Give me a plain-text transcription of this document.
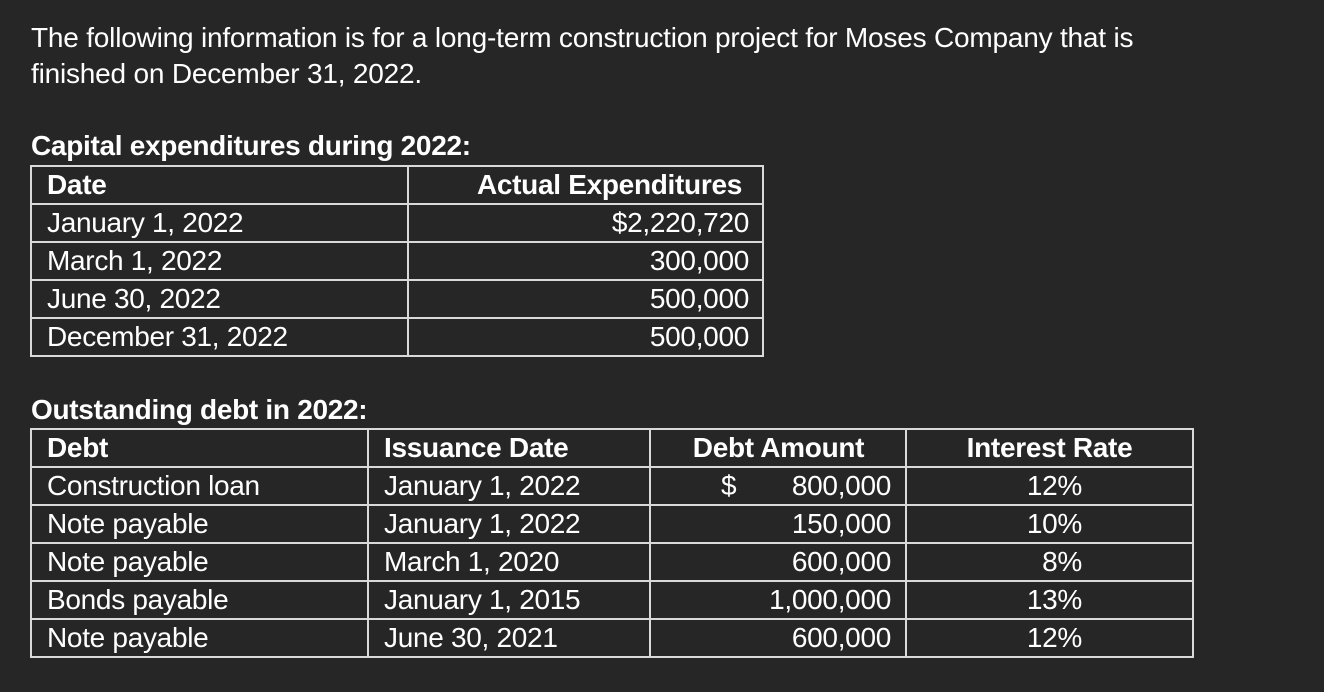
The following information is for a long-term construction project for Moses Company that is
finished on December 31, 2022.
Capital expenditures during 2022:
Date	Actual Expenditures
January 1, 2022	$2,220,720
March 1, 2022	300,000
June 30, 2022	500,000
December 31, 2022	500,000
Outstanding debt in 2022:
Debt	Issuance Date	Debt Amount	Interest Rate
Construction loan	January 1, 2022	$ 800,000	12%
Note payable	January 1, 2022	150,000	10%
Note payable	March 1, 2020	600,000	8%
Bonds payable	January 1, 2015	1,000,000	13%
Note payable	June 30, 2021	600,000	12%
